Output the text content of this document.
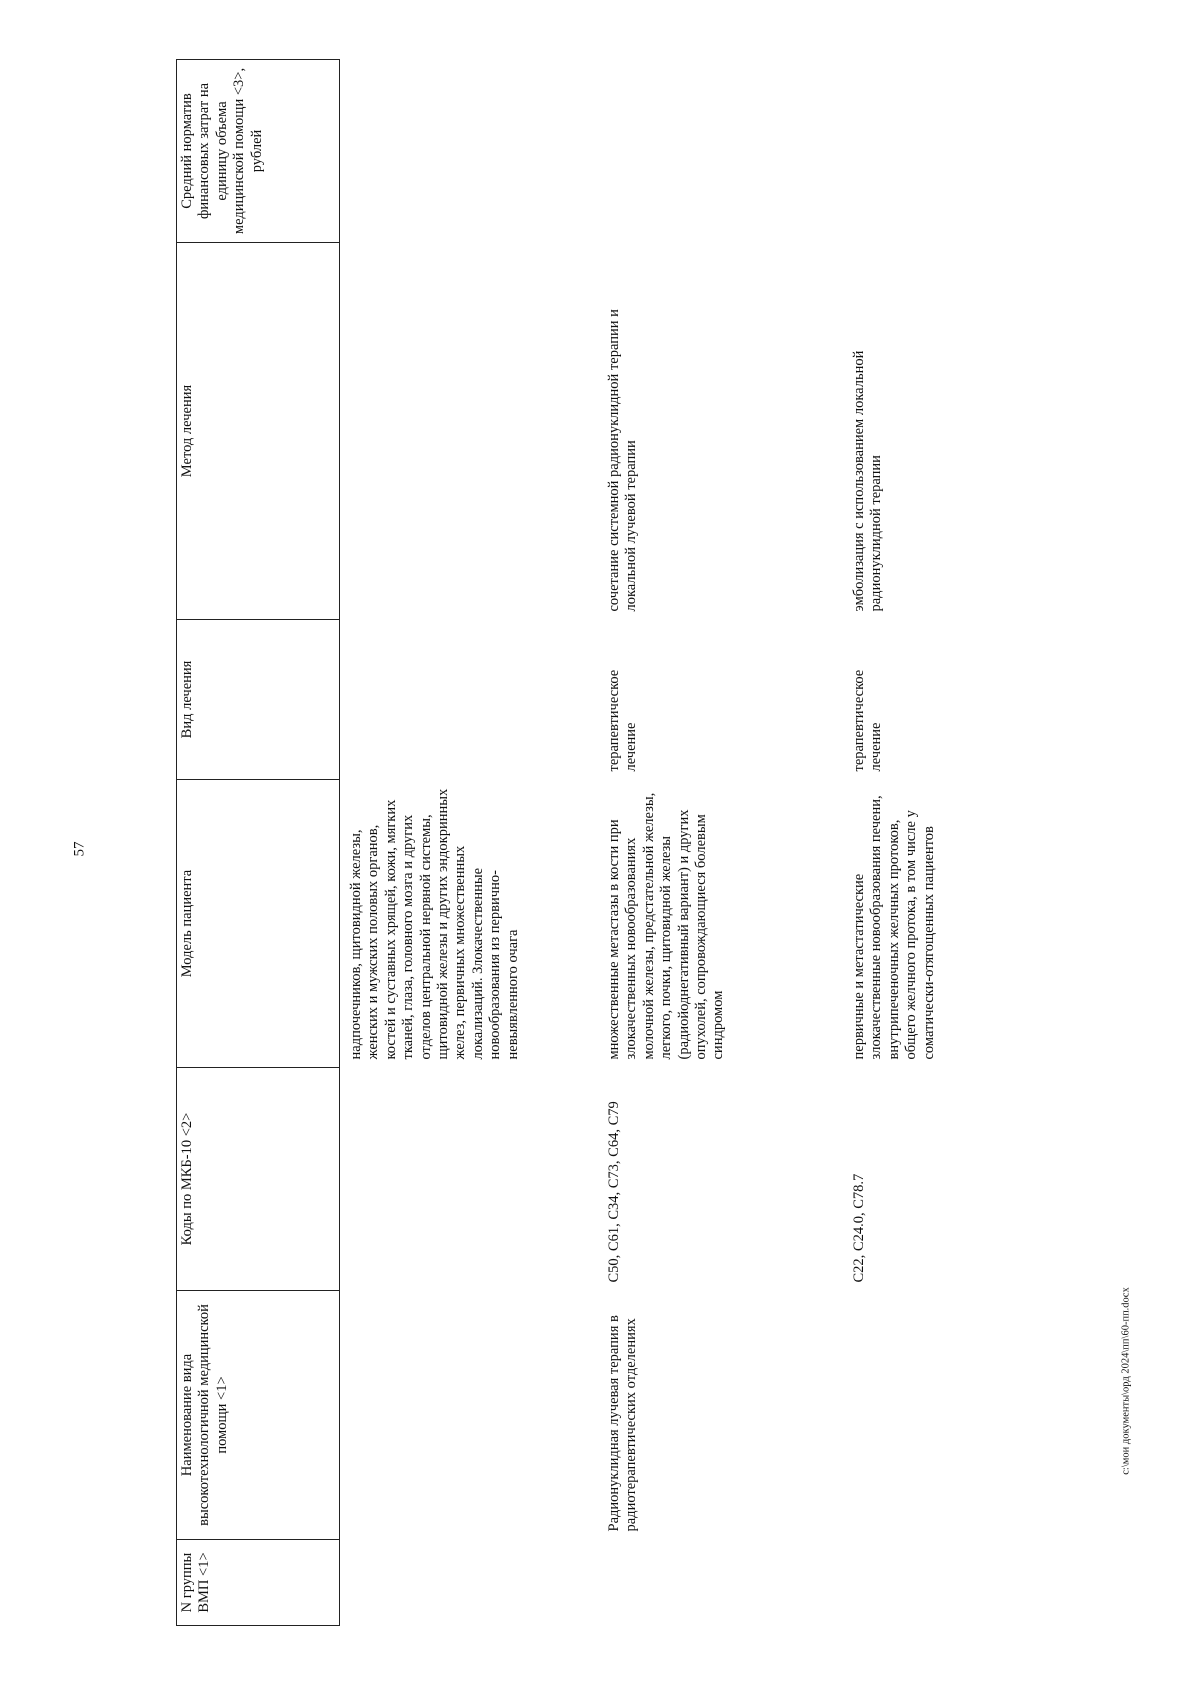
57
N группы ВМП <1>	Наименование вида высокотехнологичной медицинской помощи <1>	Коды по МКБ-10 <2>	Модель пациента	Вид лечения	Метод лечения	Средний норматив финансовых затрат на единицу объема медицинской помощи <3>, рублей
			надпочечников, щитовидной железы, женских и мужских половых органов, костей и суставных хрящей, кожи, мягких тканей, глаза, головного мозга и других отделов центральной нервной системы, щитовидной железы и других эндокринных желез, первичных множественных локализаций. Злокачественные новообразования из первично-невыявленного очага			
	Радионуклидная лучевая терапия в радиотерапевтических отделениях	C50, C61, C34, C73, C64, C79	множественные метастазы в кости при злокачественных новообразованиях молочной железы, предстательной железы, легкого, почки, щитовидной железы (радиойоднегативный вариант) и других опухолей, сопровождающиеся болевым синдромом	терапевтическое лечение	сочетание системной радионуклидной терапии и локальной лучевой терапии	
		C22, C24.0, C78.7	первичные и метастатические злокачественные новообразования печени, внутрипеченочных желчных протоков, общего желчного протока, в том числе у соматически-отягощенных пациентов	терапевтическое лечение	эмболизация с использованием локальной радионуклидной терапии	
c:\мои документы\орд 2024\пп\60-пп.docx
